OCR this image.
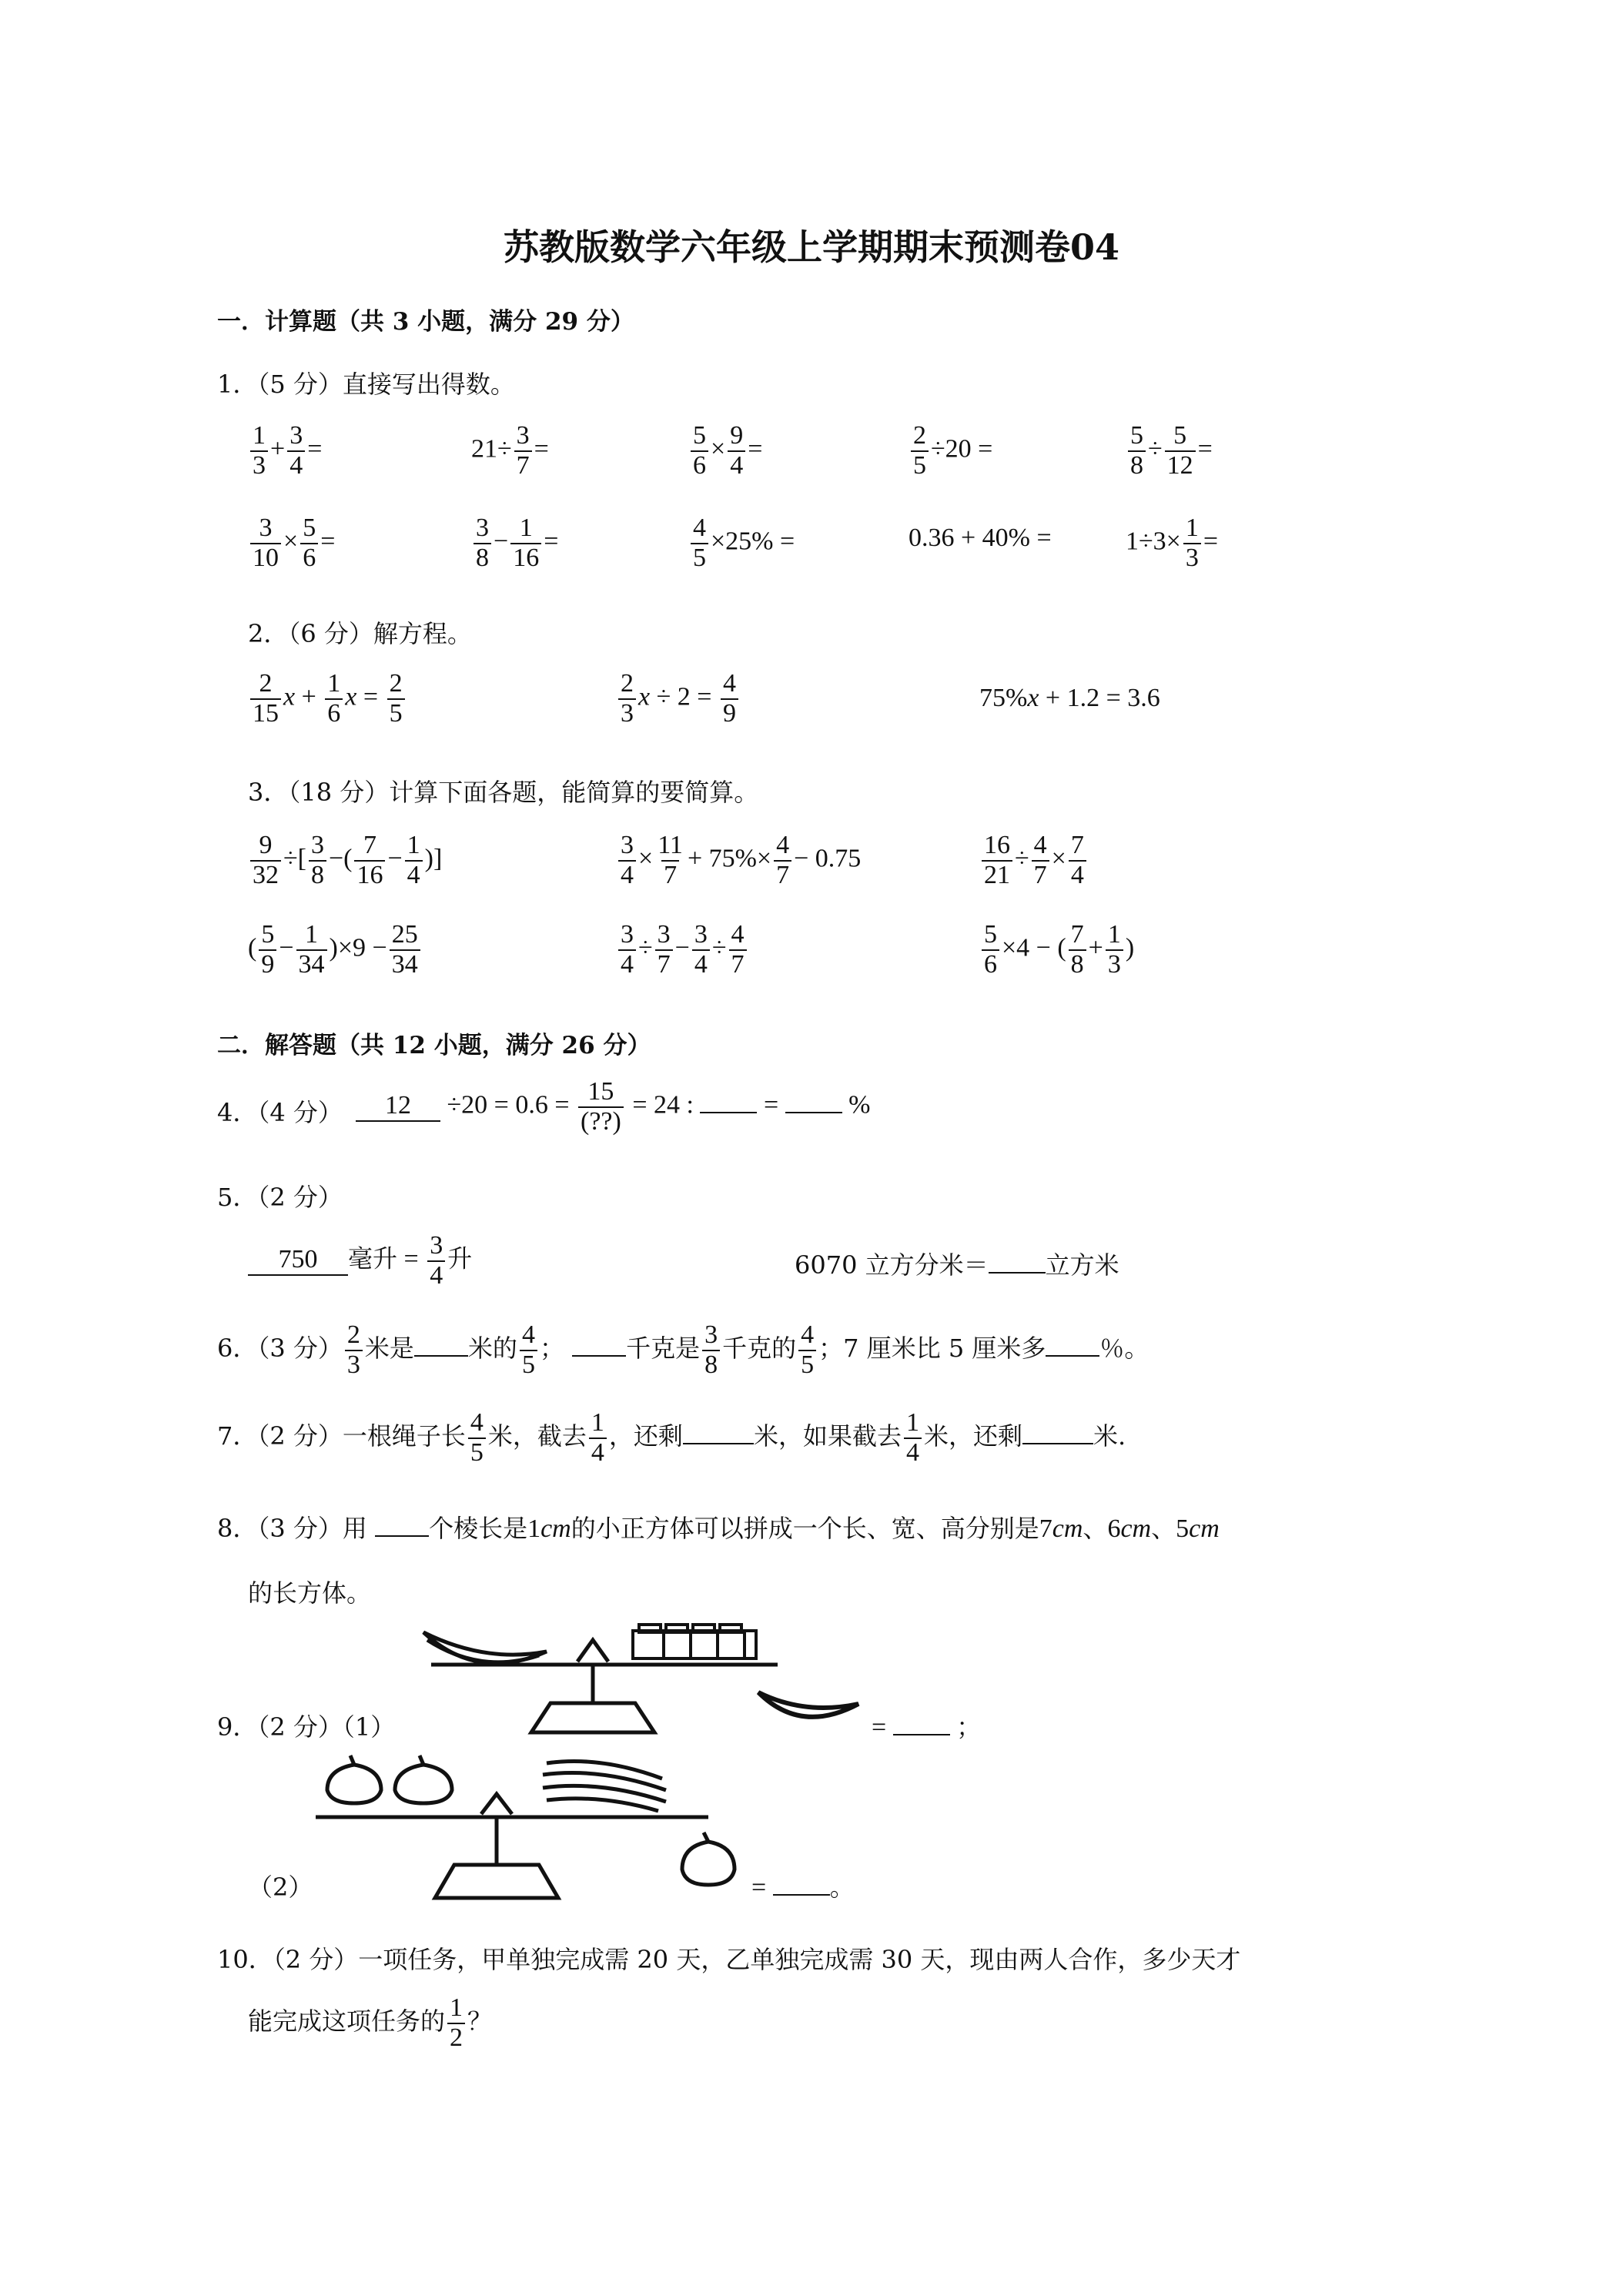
苏教版数学六年级上学期期末预测卷04
一．计算题（共 3 小题，满分 29 分）
1．（5 分）直接写出得数。
$\frac{1}{3} + \frac{3}{4}$ =	$21\div \frac{3}{7}$ =	$\frac{5}{6} \times \frac{9}{4}$ =	$\frac{2}{5} \div 20$ =	$\frac{5}{8} \div \frac{5}{12}$ =
$\frac{3}{10} \times \frac{5}{6}$ =	$\frac{3}{8} - \frac{1}{16}$ =	$\frac{4}{5} \times 25\%$ =	0.36 + 40% =	$1\div 3\times \frac{1}{3}$ =
2．（6 分）解方程。
$\frac{2}{15}$ $x + \frac{1}{6}$ $x = \frac{2}{5}$	$\frac{2}{3}$ $x \div 2 = \frac{4}{9}$	75%x + 1.2 = 3.6
3．（18 分）计算下面各题，能简算的要简算。
$\frac{9}{32}$ ÷[ $\frac{3}{8}$ −( $\frac{7}{16} - \frac{1}{4}$ )]	$\frac{3}{4} \times \frac{11}{7} + 75\%\times \frac{4}{7} - 0.75$	$\frac{16}{21} \div \frac{4}{7} \times \frac{7}{4}$
( $\frac{5}{9} - \frac{1}{34} )\times 9 - \frac{25}{34}$	$\frac{3}{4} \div \frac{3}{7} - \frac{3}{4} \div \frac{4}{7}$	$\frac{5}{6} \times 4$ − ( $\frac{7}{8} + \frac{1}{3}$ )
二．解答题（共 12 小题，满分 26 分）
4．（4 分）	$12 \div 20 = 0.6 = \frac{15}{(??)} = 24$ :  =  %
5．（2 分）
750 毫升 = $\frac{3}{4}$ 升	6070 立方分米＝ 立方米
6．（3 分） $\frac{2}{3}$ 米是 米的 $\frac{4}{5}$ ；	千克是 $\frac{3}{8}$ 千克的 $\frac{4}{5}$ ；7 厘米比 5 厘米多 ％。
7．（2 分）一根绳子长 $\frac{4}{5}$ 米，截去 $\frac{1}{4}$ ，还剩	米，如果截去 $\frac{1}{4}$ 米，还剩	米.
8．（3 分）用	个棱长是1cm的小正方体可以拼成一个长、宽、高分别是7cm、6cm、5cm
的长方体。
=	；
9．（2 分）（1）
（2）	= 。
10．（2 分）一项任务，甲单独完成需 20 天，乙单独完成需 30 天，现由两人合作，多少天才
能完成这项任务的 $\frac{1}{2}$ ？
